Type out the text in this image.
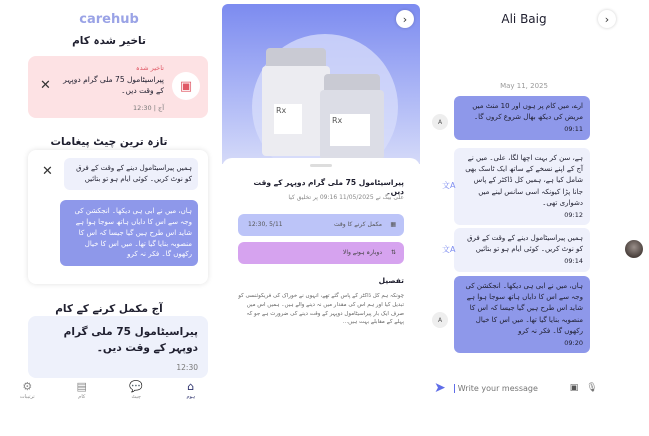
carehub
تاخیر شدہ کام
▣
تاخیر شدہ
پیراسیٹامول 75 ملی گرام دوپہر کے وقت دیں۔
آج | 12:30
✕
تازہ ترین چیٹ پیغامات
✕	ہمیں پیراسیٹامول دینے کے وقت کے فرق کو نوٹ کریں۔ کوئی ایام ہو تو بتائیں
ہاں، میں نے ابی ہی دیکھا۔ انجکشن کی وجہ سے اس کا دایاں ہاتھ سوجا ہوا ہے شاید اس طرح ہیں گیا جیسا کہ اس کا منصوبہ بنایا گیا تھا۔ میں اس کا خیال رکھوں گا۔ فکر نہ کرو
آج مکمل کرنے کے کام
پیراسیٹامول 75 ملی گرام دوپہر کے وقت دیں۔
12:30
⚙
ترتیبات
▤
کام
💬
چیٹ
⌂
ہوم
Rx
Rx
›
پیراسیٹامول 75 ملی گرام دوپہر کے وقت دیں۔
علی بیگ نے 11/05/2025 09:16 پر تخلیق کیا
▦
مکمل کرنے کا وقت
12:30, 5/11
⇅
دوبارہ ہونے والا
تفصیل
چونکہ ہم کل ڈاکٹر کے پاس گئے تھے، انہوں نے خوراک کی فریکوئنسی کو تبدیل کیا اور ہم اس کی مقدار میں نہ دینے والے ہیں۔ ہمیں اس میں صرف ایک بار پیراسیٹامول دوپہر کے وقت دینے کی ضرورت ہے جو کہ پہلے کے مقابلے بہت ہیں...
Ali Baig	›
May 11, 2025
ارے، میں کام پر ہوں اور 10 منٹ میں مریض کی دیکھ بھال شروع کروں گا۔
09:11
A
ہے، سن کر بہت اچھا لگا، علی۔ میں نے آج کے اپنے نسخے کے ساتھ ایک ٹاسک بھی شامل کیا ہے، ہمیں کل ڈاکٹر کے پاس جانا پڑا کیونکہ اسی سانس لینے میں دشواری تھی۔
09:12
文A
ہمیں پیراسیٹامول دینے کے وقت کے فرق کو نوٹ کریں۔ کوئی ایام ہو تو بتائیں
09:14
文A
ہاں، میں نے ابی ہی دیکھا۔ انجکشن کی وجہ سے اس کا دایاں ہاتھ سوجا ہوا ہے شاید اس طرح ہیں گیا جیسا کہ اس کا منصوبہ بنایا گیا تھا۔ میں اس کا خیال رکھوں گا۔ فکر نہ کرو
09:20
A
➤
Write your message	▣ 🎙
